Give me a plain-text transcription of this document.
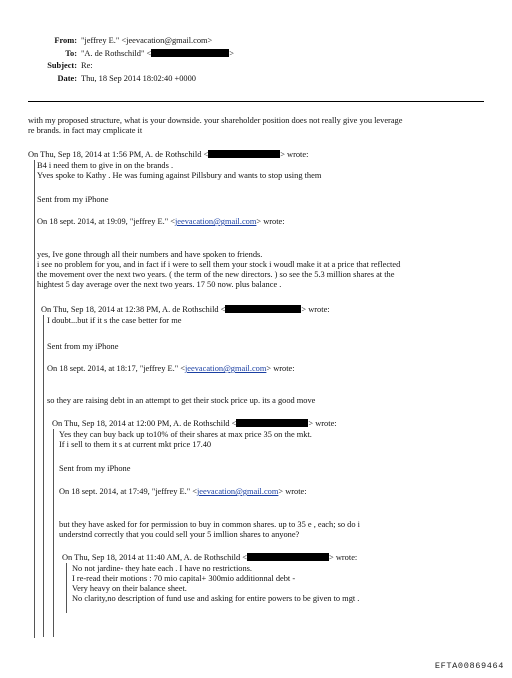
From: "jeffrey E." <jeevacation@gmail.com>
To: "A. de Rothschild" <	>
Subject: Re:
Date: Thu, 18 Sep 2014 18:02:40 +0000
with my proposed structure, what is your downside. your shareholder position does not really give you leverage
re brands. in fact may cmplicate it
On Thu, Sep 18, 2014 at 1:56 PM, A. de Rothschild <	> wrote:
B4 i need them to give in on the brands .
Yves spoke to Kathy . He was fuming against Pillsbury and wants to stop using them
Sent from my iPhone
On 18 sept. 2014, at 19:09, "jeffrey E." <jeevacation@gmail.com> wrote:
yes, Ive gone through all their numbers and have spoken to friends.
i see no problem for you, and in fact if i were to sell them your stock i woudl make it at a price that reflected
the movement over the next two years. ( the term of the new directors. ) so see the 5.3 million shares at the
hightest 5 day average over the next two years. 17 50 now. plus balance .
On Thu, Sep 18, 2014 at 12:38 PM, A. de Rothschild <	> wrote:
I doubt...but if it s the case better for me
Sent from my iPhone
On 18 sept. 2014, at 18:17, "jeffrey E." <jeevacation@gmail.com> wrote:
so they are raising debt in an attempt to get their stock price up. its a good move
On Thu, Sep 18, 2014 at 12:00 PM, A. de Rothschild <	> wrote:
Yes they can buy back up to10% of their shares at max price 35 on the mkt.
If i sell to them it s at current mkt price 17.40
Sent from my iPhone
On 18 sept. 2014, at 17:49, "jeffrey E." <jeevacation@gmail.com> wrote:
but they have asked for for permission to buy in common shares. up to 35 e , each; so do i
understnd correctly that you could sell your 5 imllion shares to anyone?
On Thu, Sep 18, 2014 at 11:40 AM, A. de Rothschild <	> wrote:
No not jardine- they hate each . I have no restrictions.
I re-read their motions : 70 mio capital+ 300mio additionnal debt -
Very heavy on their balance sheet.
No clarity,no description of fund use and asking for entire powers to be given to mgt .
EFTA00869464
